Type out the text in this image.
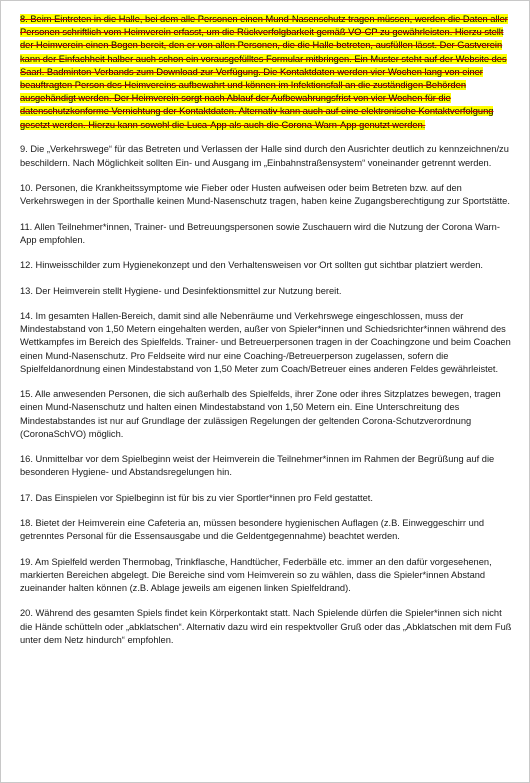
8. Beim Eintreten in die Halle, bei dem alle Personen einen Mund-Nasenschutz tragen müssen, werden die Daten aller Personen schriftlich vom Heimverein erfasst, um die Rückverfolgbarkeit gemäß VO-CP zu gewährleisten. Hierzu stellt der Heimverein einen Bogen bereit, den er von allen Personen, die die Halle betreten, ausfüllen lässt. Der Gastverein kann der Einfachheit halber auch schon ein vorausgefülltes Formular mitbringen. Ein Muster steht auf der Website des Saarl. Badminton-Verbands zum Download zur Verfügung. Die Kontaktdaten werden vier Wochen lang von einer beauftragten Person des Heimvereins aufbewahrt und können im Infektionsfall an die zuständigen Behörden ausgehändigt werden. Der Heimverein sorgt nach Ablauf der Aufbewahrungsfrist von vier Wochen für die datenschutzkonforme Vernichtung der Kontaktdaten. Alternativ kann auch auf eine elektronische Kontaktverfolgung gesetzt werden. Hierzu kann sowohl die Luca-App als auch die Corona-Warn-App genutzt werden.

9. Die „Verkehrswege“ für das Betreten und Verlassen der Halle sind durch den Ausrichter deutlich zu kennzeichnen/zu beschildern. Nach Möglichkeit sollten Ein- und Ausgang im „Einbahnstraßensystem“ voneinander getrennt werden.

10. Personen, die Krankheitssymptome wie Fieber oder Husten aufweisen oder beim Betreten bzw. auf den Verkehrswegen in der Sporthalle keinen Mund-Nasenschutz tragen, haben keine Zugangsberechtigung zur Sportstätte.

11. Allen Teilnehmer*innen, Trainer- und Betreuungspersonen sowie Zuschauern wird die Nutzung der Corona Warn-App empfohlen.

12. Hinweisschilder zum Hygienekonzept und den Verhaltensweisen vor Ort sollten gut sichtbar platziert werden.

13. Der Heimverein stellt Hygiene- und Desinfektionsmittel zur Nutzung bereit.

14. Im gesamten Hallen-Bereich, damit sind alle Nebenräume und Verkehrswege eingeschlossen, muss der Mindestabstand von 1,50 Metern eingehalten werden, außer von Spieler*innen und Schiedsrichter*innen während des Wettkampfes im Bereich des Spielfelds. Trainer- und Betreuerpersonen tragen in der Coachingzone und beim Coachen einen Mund-Nasenschutz. Pro Feldseite wird nur eine Coaching-/Betreuerperson zugelassen, sofern die Spielfeldanordnung einen Mindestabstand von 1,50 Meter zum Coach/Betreuer eines anderen Feldes gewährleistet.

15. Alle anwesenden Personen, die sich außerhalb des Spielfelds, ihrer Zone oder ihres Sitzplatzes bewegen, tragen einen Mund-Nasenschutz und halten einen Mindestabstand von 1,50 Metern ein. Eine Unterschreitung des Mindestabstandes ist nur auf Grundlage der zulässigen Regelungen der geltenden Corona-Schutzverordnung (CoronaSchVO) möglich.

16. Unmittelbar vor dem Spielbeginn weist der Heimverein die Teilnehmer*innen im Rahmen der Begrüßung auf die besonderen Hygiene- und Abstandsregelungen hin.

17. Das Einspielen vor Spielbeginn ist für bis zu vier Sportler*innen pro Feld gestattet.

18. Bietet der Heimverein eine Cafeteria an, müssen besondere hygienischen Auflagen (z.B. Einweggeschirr und getrenntes Personal für die Essensausgabe und die Geldentgegennahme) beachtet werden.

19. Am Spielfeld werden Thermobag, Trinkflasche, Handtücher, Federbälle etc. immer an den dafür vorgesehenen, markierten Bereichen abgelegt. Die Bereiche sind vom Heimverein so zu wählen, dass die Spieler*innen Abstand zueinander halten können (z.B. Ablage jeweils am eigenen linken Spielfeldrand).

20. Während des gesamten Spiels findet kein Körperkontakt statt. Nach Spielende dürfen die Spieler*innen sich nicht die Hände schütteln oder „abklatschen“. Alternativ dazu wird ein respektvoller Gruß oder das „Abklatschen mit dem Fuß unter dem Netz hindurch“ empfohlen.
